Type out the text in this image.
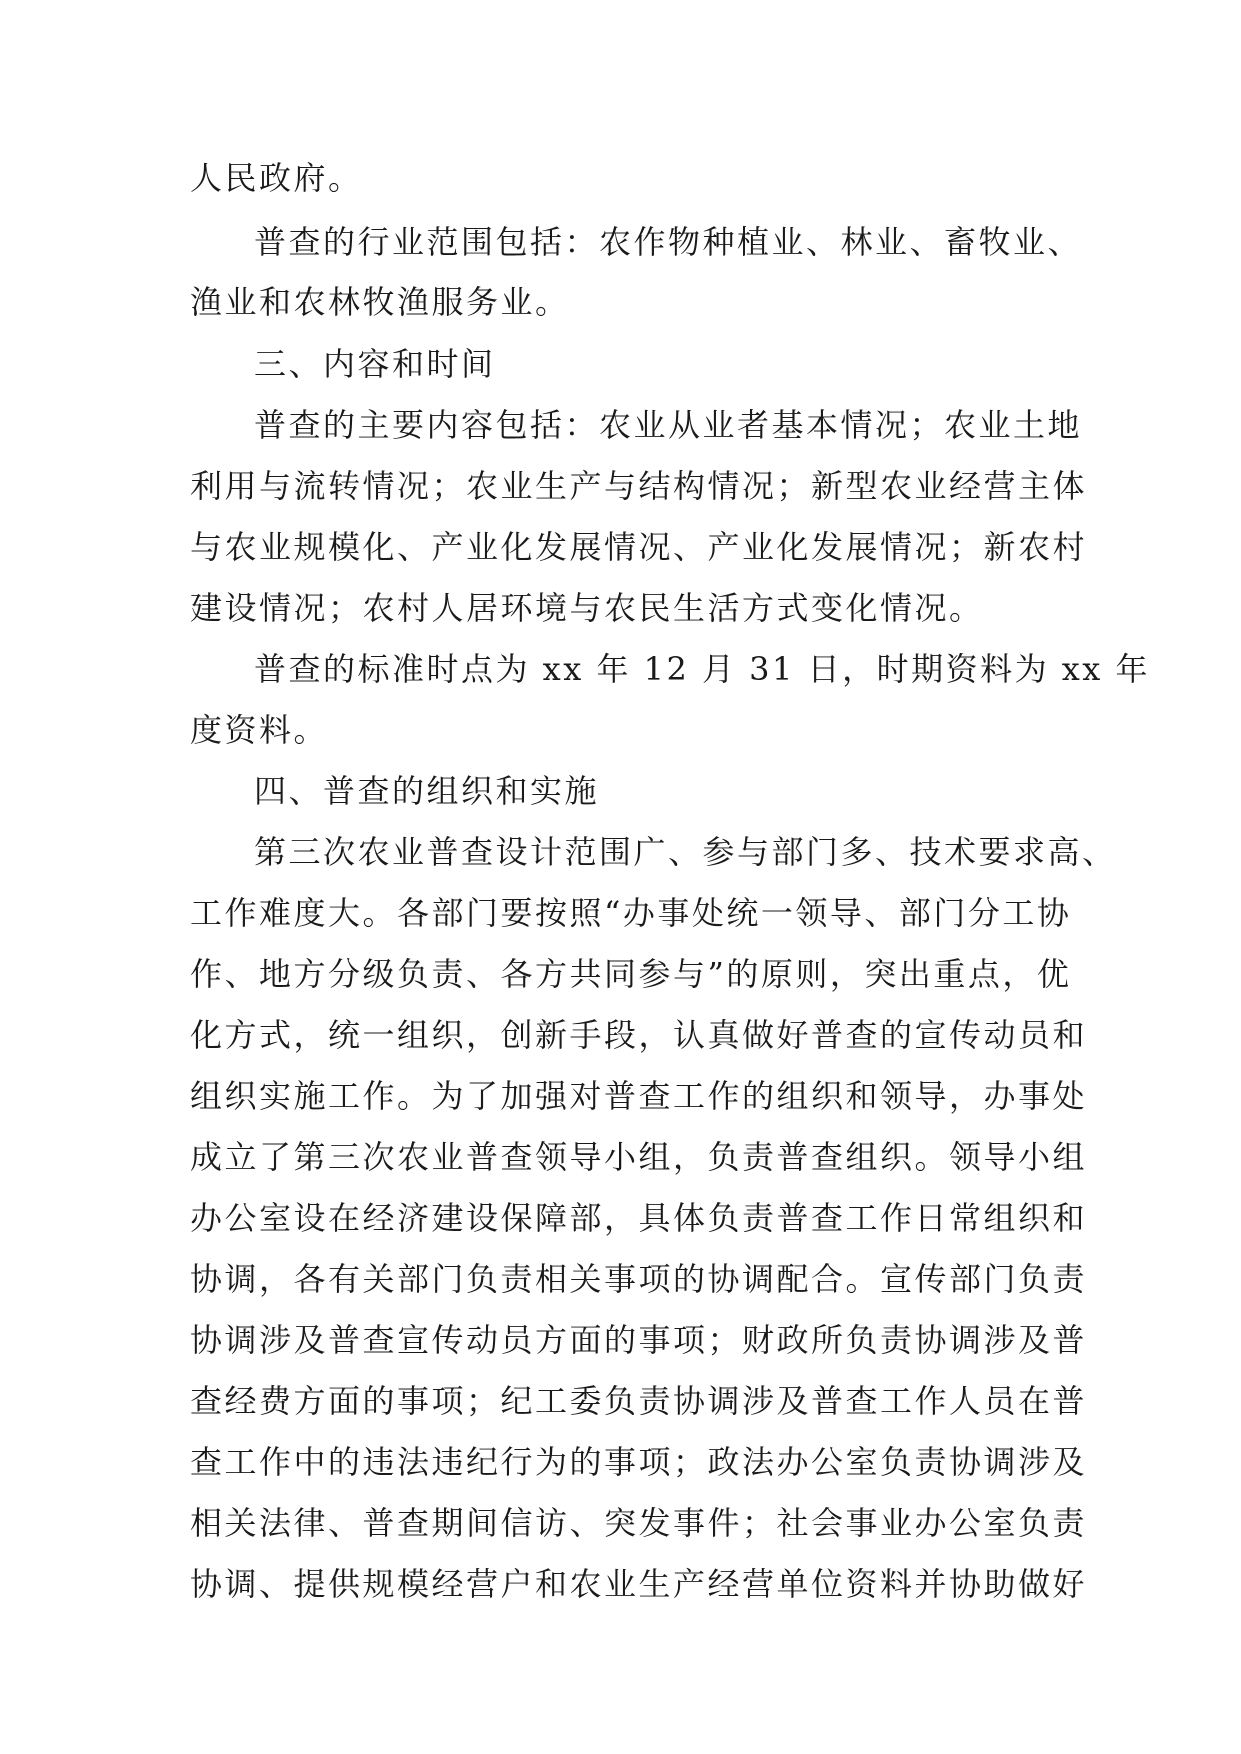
人民政府。
普查的行业范围包括：农作物种植业、林业、畜牧业、
渔业和农林牧渔服务业。
三、内容和时间
普查的主要内容包括：农业从业者基本情况；农业土地
利用与流转情况；农业生产与结构情况；新型农业经营主体
与农业规模化、产业化发展情况、产业化发展情况；新农村
建设情况；农村人居环境与农民生活方式变化情况。
普查的标准时点为 xx 年 12 月 31 日，时期资料为 xx 年
度资料。
四、普查的组织和实施
第三次农业普查设计范围广、参与部门多、技术要求高、
工作难度大。各部门要按照“办事处统一领导、部门分工协
作、地方分级负责、各方共同参与”的原则，突出重点，优
化方式，统一组织，创新手段，认真做好普查的宣传动员和
组织实施工作。为了加强对普查工作的组织和领导，办事处
成立了第三次农业普查领导小组，负责普查组织。领导小组
办公室设在经济建设保障部，具体负责普查工作日常组织和
协调，各有关部门负责相关事项的协调配合。宣传部门负责
协调涉及普查宣传动员方面的事项；财政所负责协调涉及普
查经费方面的事项；纪工委负责协调涉及普查工作人员在普
查工作中的违法违纪行为的事项；政法办公室负责协调涉及
相关法律、普查期间信访、突发事件；社会事业办公室负责
协调、提供规模经营户和农业生产经营单位资料并协助做好
